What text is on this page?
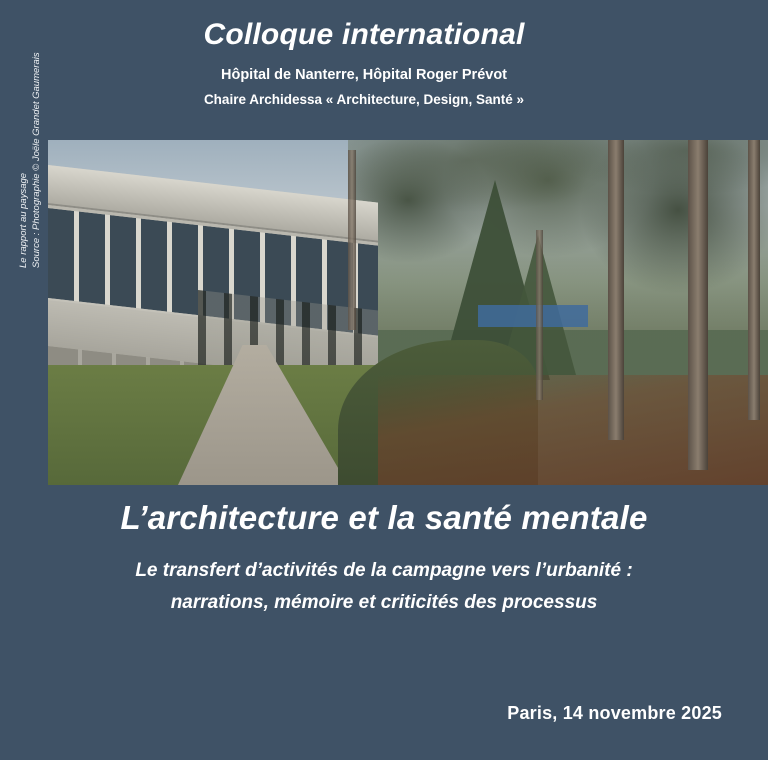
Colloque international

Hôpital de Nanterre, Hôpital Roger Prévot

Chaire Archidessa « Architecture, Design, Santé »

Le rapport au paysage Source : Photographie © Joële Grandet Gaumerais
L’architecture et la santé mentale

Le transfert d’activités de la campagne vers l’urbanité :

narrations, mémoire et criticités des processus

Paris, 14 novembre 2025
